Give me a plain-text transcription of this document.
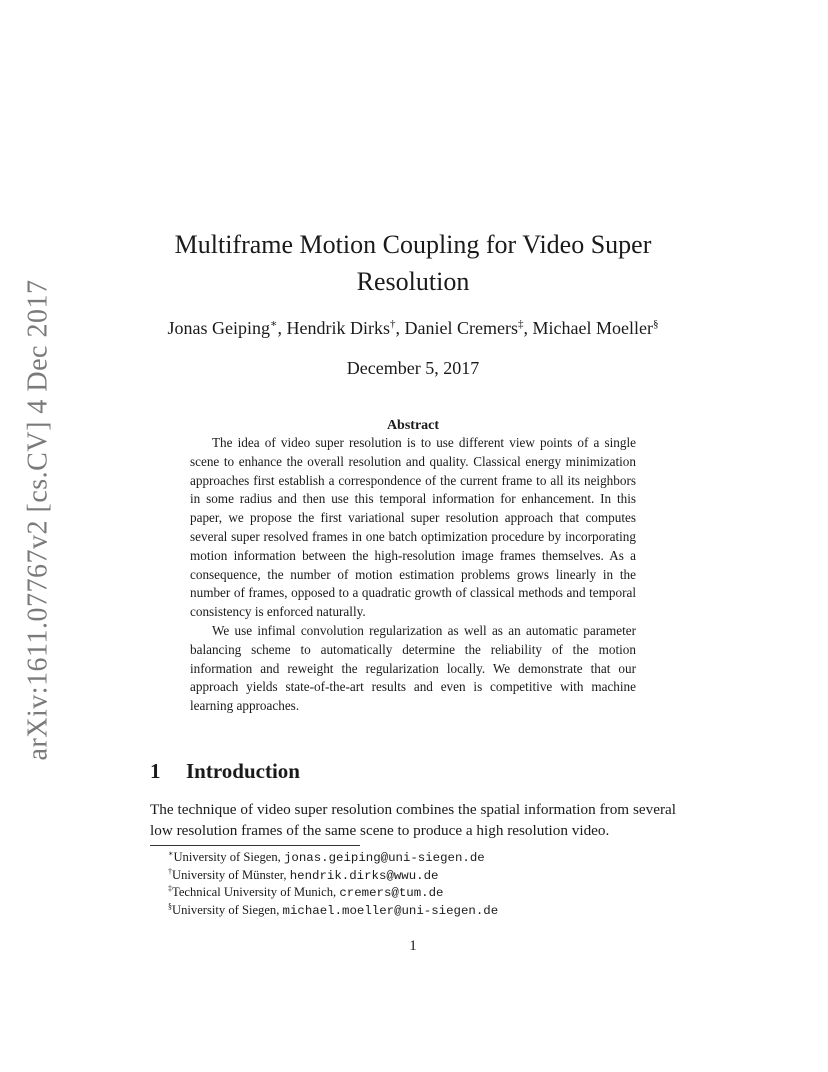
arXiv:1611.07767v2 [cs.CV] 4 Dec 2017
Multiframe Motion Coupling for Video Super Resolution
Jonas Geiping∗, Hendrik Dirks†, Daniel Cremers‡, Michael Moeller§
December 5, 2017
Abstract

The idea of video super resolution is to use different view points of a single scene to enhance the overall resolution and quality. Classical energy minimization approaches first establish a correspondence of the current frame to all its neighbors in some radius and then use this temporal information for enhancement. In this paper, we propose the first variational super resolution approach that computes several super resolved frames in one batch optimization procedure by incorporating motion information between the high-resolution image frames themselves. As a consequence, the number of motion estimation problems grows linearly in the number of frames, opposed to a quadratic growth of classical methods and temporal consistency is enforced naturally.

We use infimal convolution regularization as well as an automatic parameter balancing scheme to automatically determine the reliability of the motion information and reweight the regularization locally. We demonstrate that our approach yields state-of-the-art results and even is competitive with machine learning approaches.

1 Introduction

The technique of video super resolution combines the spatial information from several low resolution frames of the same scene to produce a high resolution video.

∗University of Siegen, jonas.geiping@uni-siegen.de
†University of Münster, hendrik.dirks@wwu.de
‡Technical University of Munich, cremers@tum.de
§University of Siegen, michael.moeller@uni-siegen.de
1
